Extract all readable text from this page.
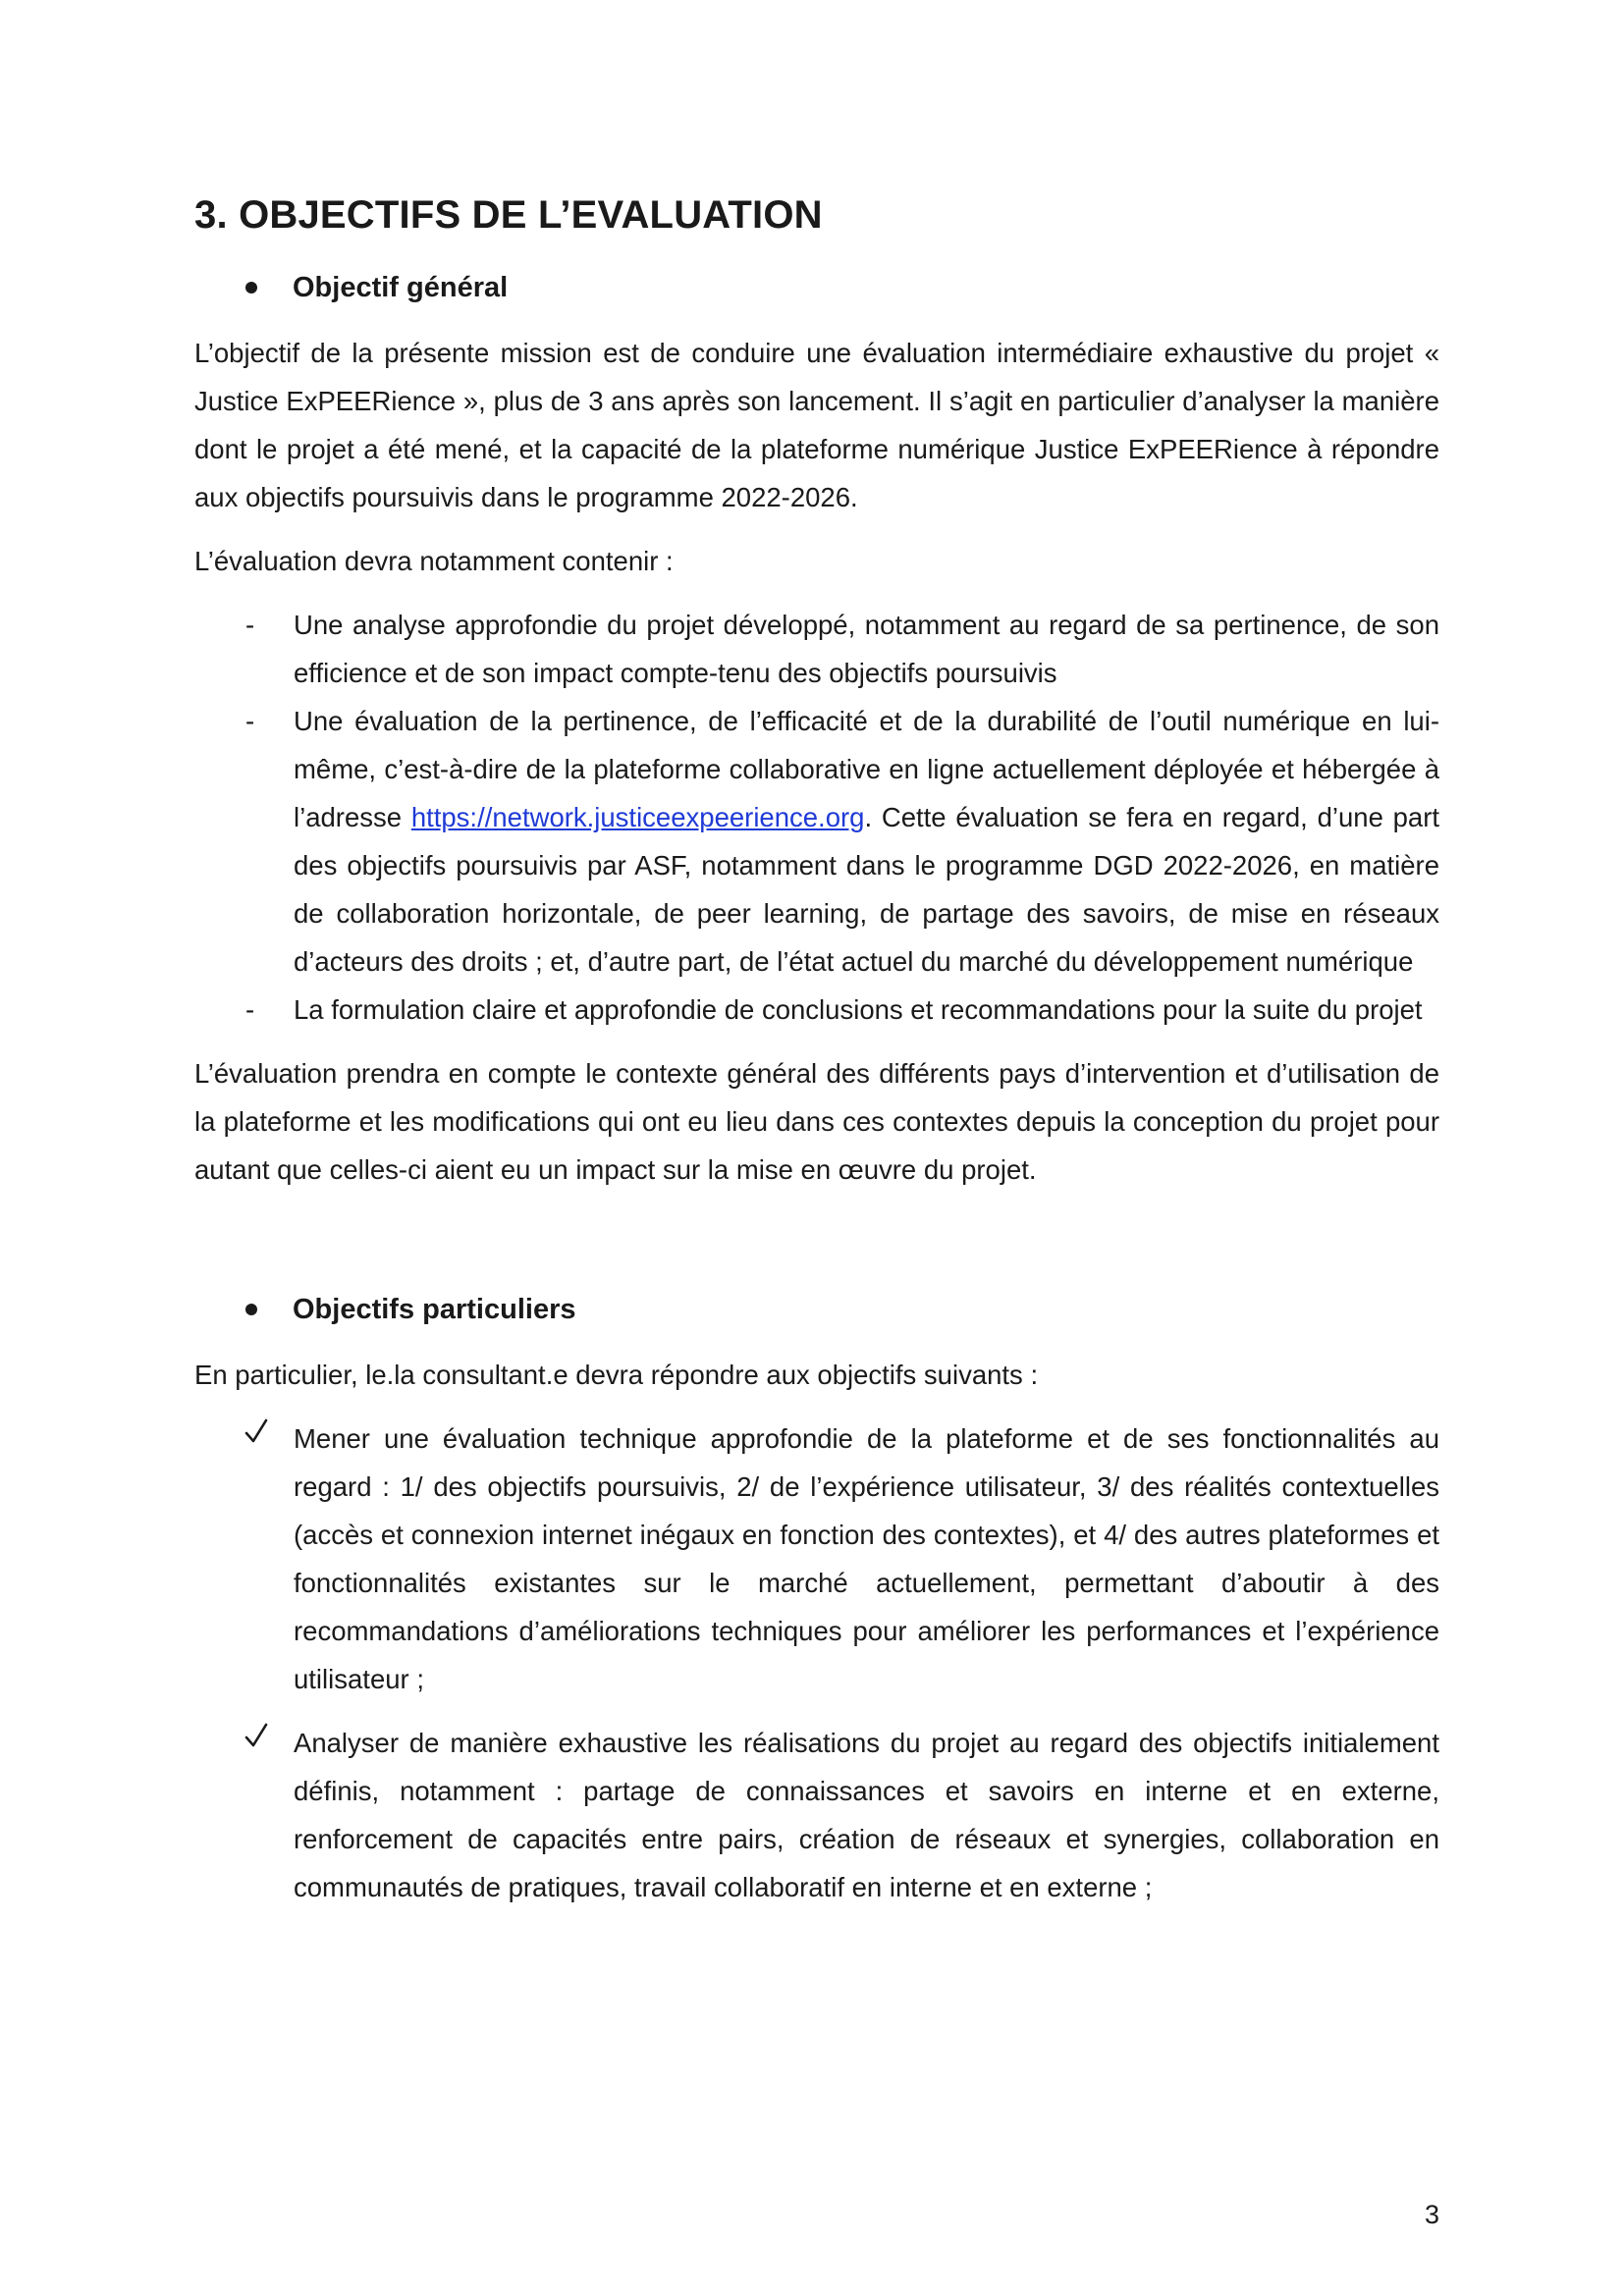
3. OBJECTIFS DE L’EVALUATION
Objectif général

L’objectif de la présente mission est de conduire une évaluation intermédiaire exhaustive du projet « Justice ExPEERience », plus de 3 ans après son lancement. Il s’agit en particulier d’analyser la manière dont le projet a été mené, et la capacité de la plateforme numérique Justice ExPEERience à répondre aux objectifs poursuivis dans le programme 2022-2026.

L’évaluation devra notamment contenir :

-	Une analyse approfondie du projet développé, notamment au regard de sa pertinence, de son efficience et de son impact compte-tenu des objectifs poursuivis
-	Une évaluation de la pertinence, de l’efficacité et de la durabilité de l’outil numérique en lui-même, c’est-à-dire de la plateforme collaborative en ligne actuellement déployée et hébergée à l’adresse https://network.justiceexpeerience.org. Cette évaluation se fera en regard, d’une part des objectifs poursuivis par ASF, notamment dans le programme DGD 2022-2026, en matière de collaboration horizontale, de peer learning, de partage des savoirs, de mise en réseaux d’acteurs des droits ; et, d’autre part, de l’état actuel du marché du développement numérique
-	La formulation claire et approfondie de conclusions et recommandations pour la suite du projet

L’évaluation prendra en compte le contexte général des différents pays d’intervention et d’utilisation de la plateforme et les modifications qui ont eu lieu dans ces contextes depuis la conception du projet pour autant que celles-ci aient eu un impact sur la mise en œuvre du projet.

Objectifs particuliers

En particulier, le.la consultant.e devra répondre aux objectifs suivants :

Mener une évaluation technique approfondie de la plateforme et de ses fonctionnalités au regard : 1/ des objectifs poursuivis, 2/ de l’expérience utilisateur, 3/ des réalités contextuelles (accès et connexion internet inégaux en fonction des contextes), et 4/ des autres plateformes et fonctionnalités existantes sur le marché actuellement, permettant d’aboutir à des recommandations d’améliorations techniques pour améliorer les performances et l’expérience utilisateur ;
Analyser de manière exhaustive les réalisations du projet au regard des objectifs initialement définis, notamment : partage de connaissances et savoirs en interne et en externe, renforcement de capacités entre pairs, création de réseaux et synergies, collaboration en communautés de pratiques, travail collaboratif en interne et en externe ;
3
